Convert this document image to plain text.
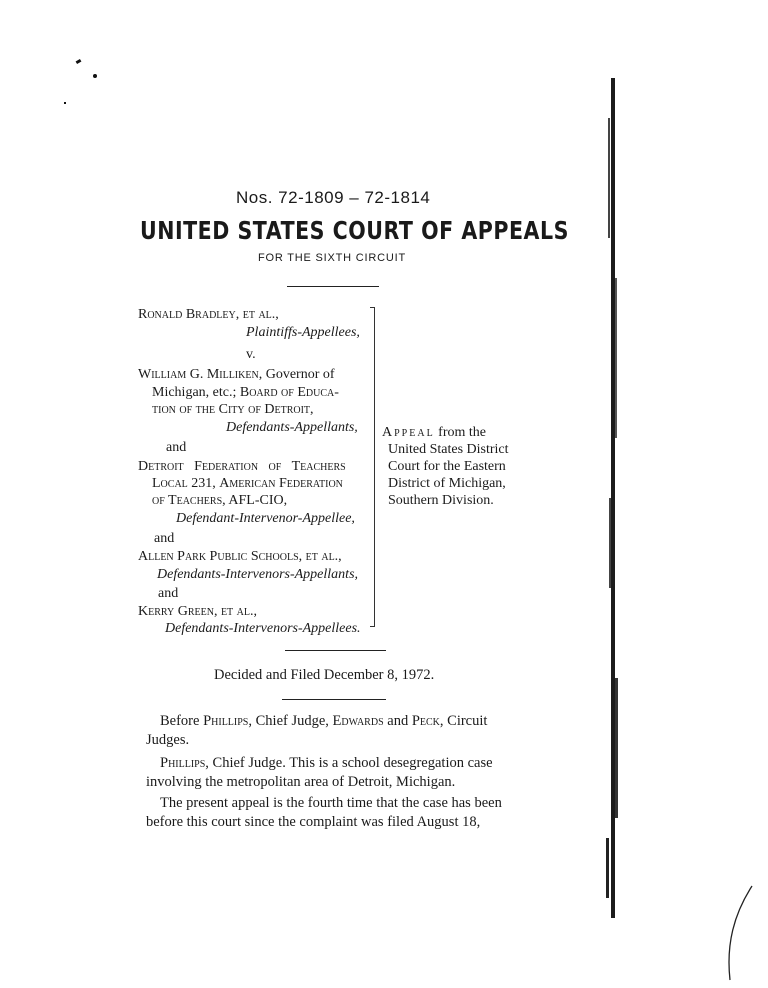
Nos. 72-1809 – 72-1814
UNITED STATES COURT OF APPEALS
FOR THE SIXTH CIRCUIT
Ronald Bradley, et al.,
Plaintiffs-Appellees,
v.
William G. Milliken, Governor of
Michigan, etc.; Board of Educa-
tion of the City of Detroit,
Defendants-Appellants,
and
Detroit Federation of Teachers
Local 231, American Federation
of Teachers, AFL-CIO,
Defendant-Intervenor-Appellee,
and
Allen Park Public Schools, et al.,
Defendants-Intervenors-Appellants,
and
Kerry Green, et al.,
Defendants-Intervenors-Appellees.
Appeal from the
United States District
Court for the Eastern
District of Michigan,
Southern Division.
Decided and Filed December 8, 1972.
Before Phillips, Chief Judge, Edwards and Peck, Circuit
Judges.
Phillips, Chief Judge. This is a school desegregation case
involving the metropolitan area of Detroit, Michigan.
The present appeal is the fourth time that the case has been
before this court since the complaint was filed August 18,
